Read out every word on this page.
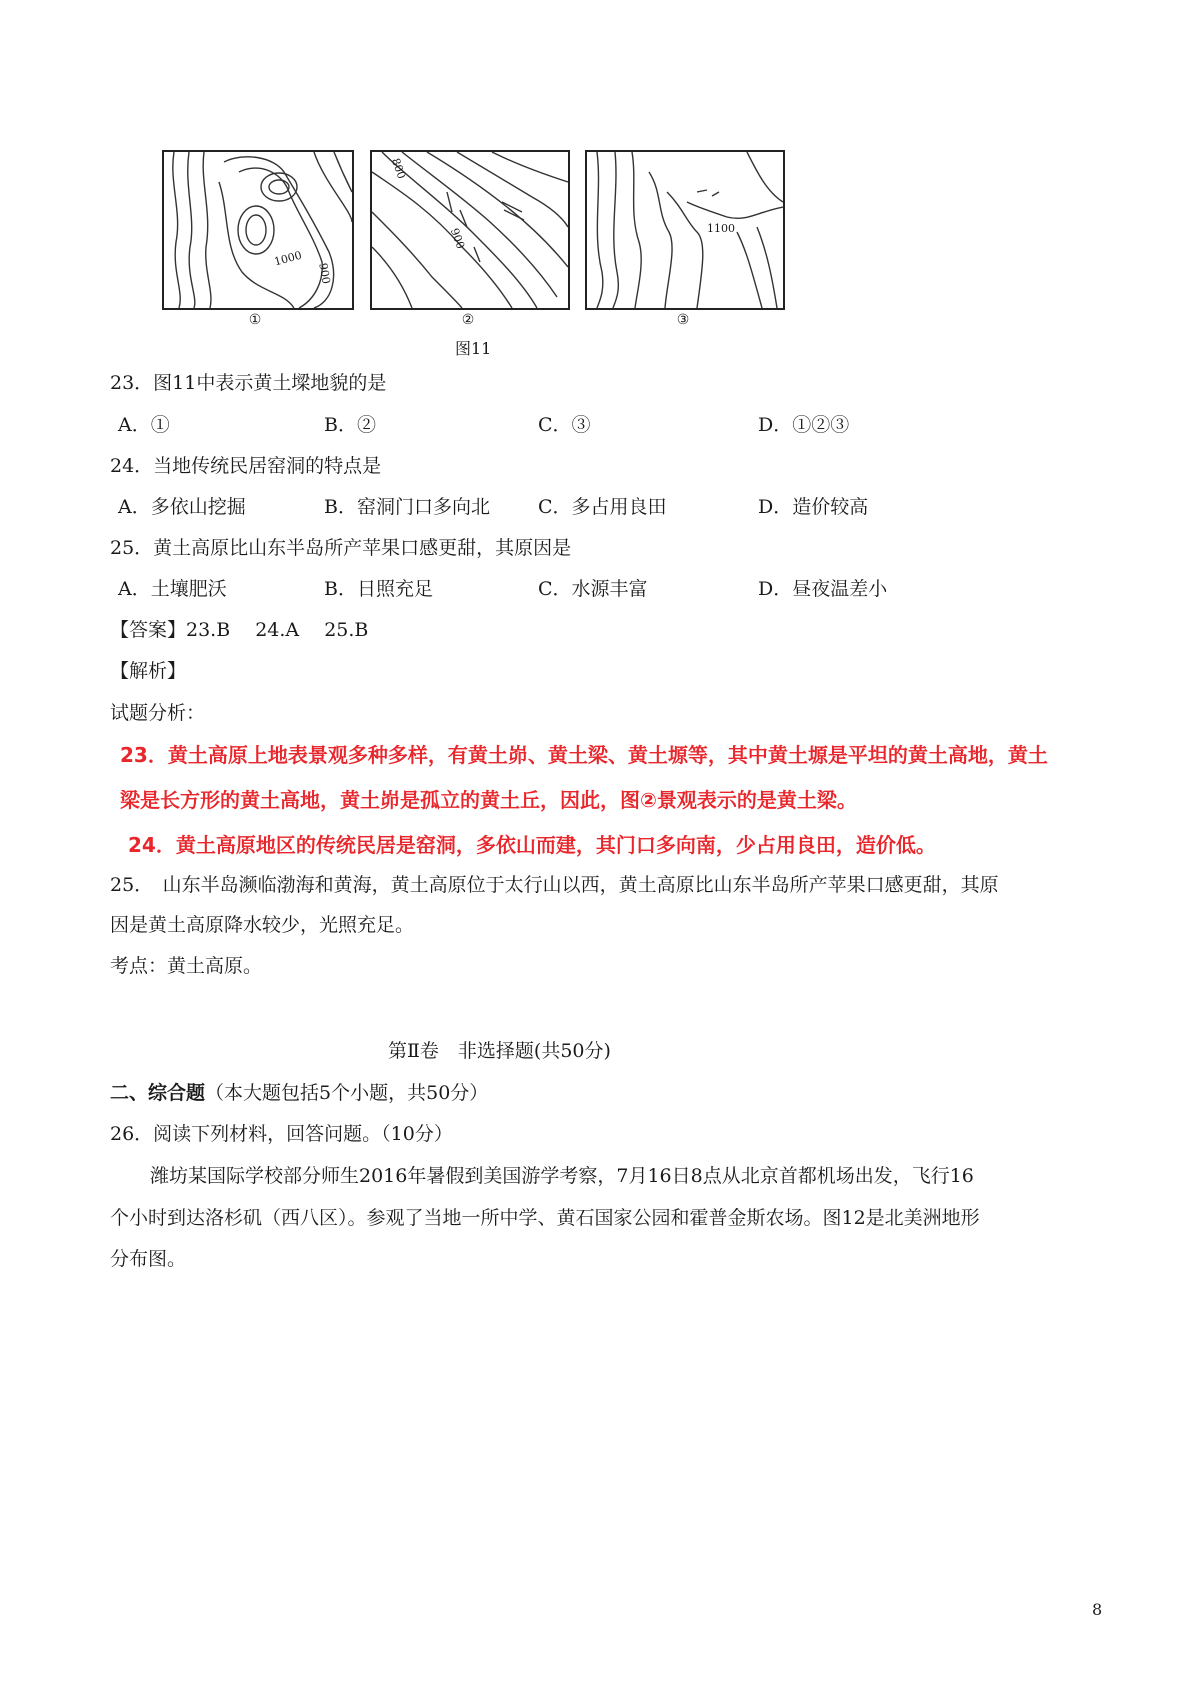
1000
900
①
800
900
②
1100
③
图11
23．图11中表示黄土墚地貌的是
A．①	B．②	C．③	D．①②③
24．当地传统民居窑洞的特点是
A．多依山挖掘	B．窑洞门口多向北	C．多占用良田	D．造价较高
25．黄土高原比山东半岛所产苹果口感更甜，其原因是
A．土壤肥沃	B．日照充足	C．水源丰富	D．昼夜温差小
【答案】23.B　 24.A　 25.B
【解析】
试题分析：
23．黄土高原上地表景观多种多样，有黄土峁、黄土梁、黄土塬等，其中黄土塬是平坦的黄土高地，黄土
梁是长方形的黄土高地，黄土峁是孤立的黄土丘，因此，图②景观表示的是黄土梁。
24．黄土高原地区的传统民居是窑洞，多依山而建，其门口多向南，少占用良田，造价低。
25．　山东半岛濒临渤海和黄海，黄土高原位于太行山以西，黄土高原比山东半岛所产苹果口感更甜，其原
因是黄土高原降水较少，光照充足。
考点：黄土高原。
第Ⅱ卷　非选择题(共50分)
二、综合题（本大题包括5个小题，共50分）
26．阅读下列材料，回答问题。（10分）
潍坊某国际学校部分师生2016年暑假到美国游学考察，7月16日8点从北京首都机场出发，飞行16
个小时到达洛杉矶（西八区）。参观了当地一所中学、黄石国家公园和霍普金斯农场。图12是北美洲地形
分布图。
8
